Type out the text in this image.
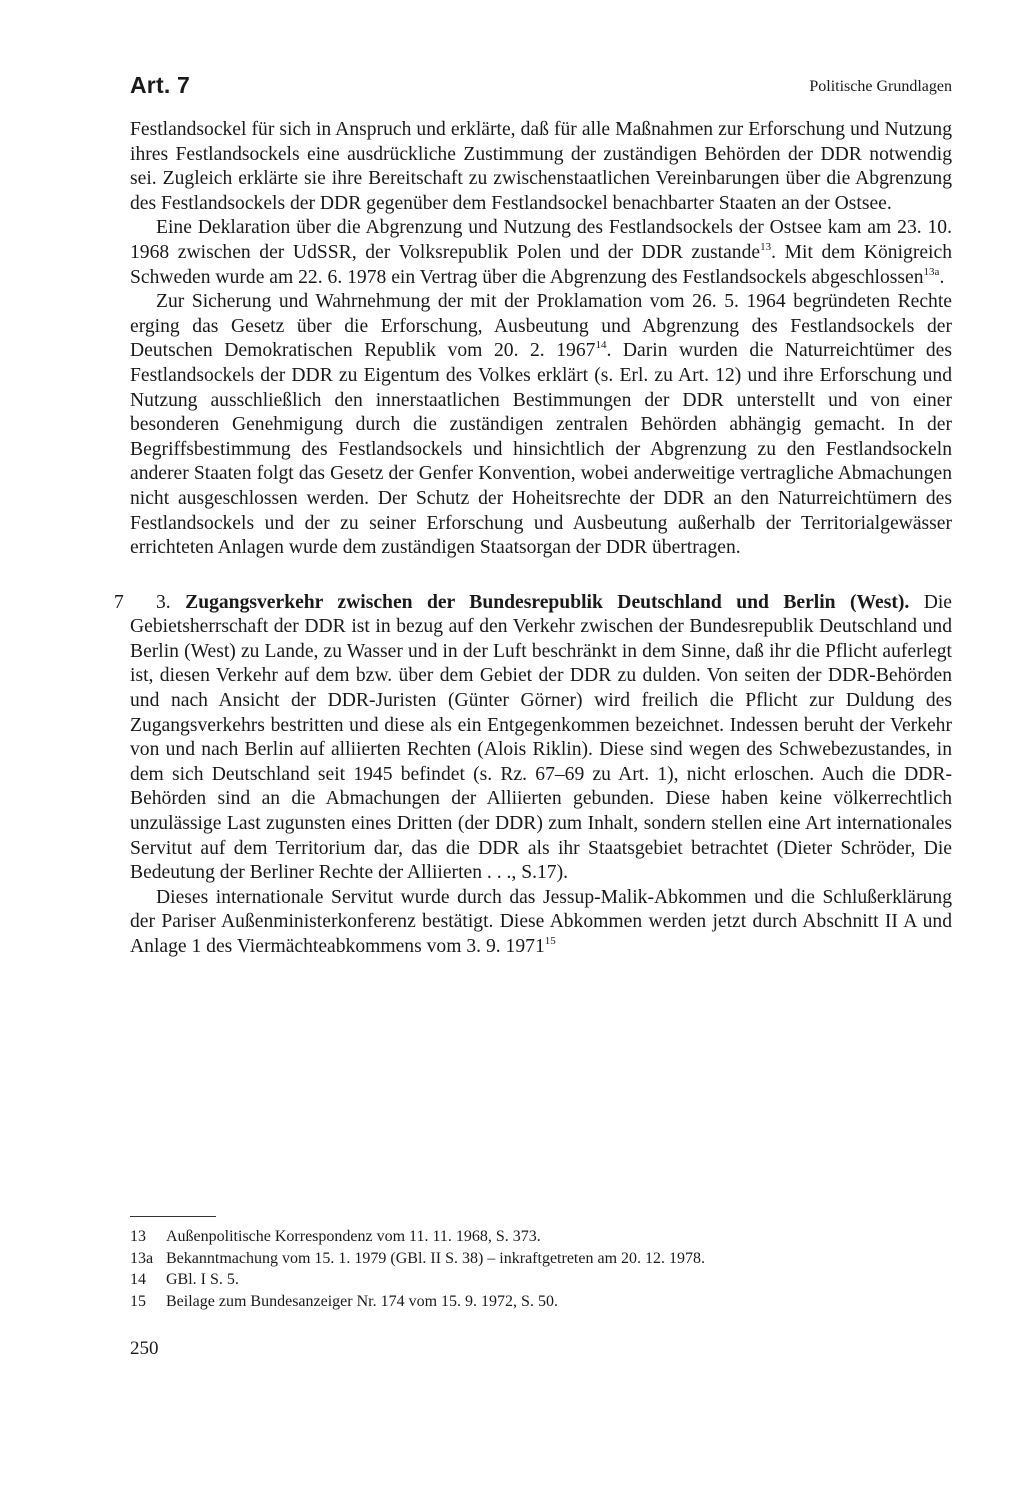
Art. 7	Politische Grundlagen

Festlandsockel für sich in Anspruch und erklärte, daß für alle Maßnahmen zur Erforschung und Nutzung ihres Festlandsockels eine ausdrückliche Zustimmung der zuständigen Behörden der DDR notwendig sei. Zugleich erklärte sie ihre Bereitschaft zu zwischenstaatlichen Vereinbarungen über die Abgrenzung des Festlandsockels der DDR gegenüber dem Festlandsockel benachbarter Staaten an der Ostsee.

Eine Deklaration über die Abgrenzung und Nutzung des Festlandsockels der Ostsee kam am 23. 10. 1968 zwischen der UdSSR, der Volksrepublik Polen und der DDR zustande$^{13}$. Mit dem Königreich Schweden wurde am 22. 6. 1978 ein Vertrag über die Abgrenzung des Festlandsockels abgeschlossen$^{13a}$.

Zur Sicherung und Wahrnehmung der mit der Proklamation vom 26. 5. 1964 begründeten Rechte erging das Gesetz über die Erforschung, Ausbeutung und Abgrenzung des Festlandsockels der Deutschen Demokratischen Republik vom 20. 2. 1967$^{14}$. Darin wurden die Naturreichtümer des Festlandsockels der DDR zu Eigentum des Volkes erklärt (s. Erl. zu Art. 12) und ihre Erforschung und Nutzung ausschließlich den innerstaatlichen Bestimmungen der DDR unterstellt und von einer besonderen Genehmigung durch die zuständigen zentralen Behörden abhängig gemacht. In der Begriffsbestimmung des Festlandsockels und hinsichtlich der Abgrenzung zu den Festlandsockeln anderer Staaten folgt das Gesetz der Genfer Konvention, wobei anderweitige vertragliche Abmachungen nicht ausgeschlossen werden. Der Schutz der Hoheitsrechte der DDR an den Naturreichtümern des Festlandsockels und der zu seiner Erforschung und Ausbeutung außerhalb der Territorialgewässer errichteten Anlagen wurde dem zuständigen Staatsorgan der DDR übertragen.

7 3. Zugangsverkehr zwischen der Bundesrepublik Deutschland und Berlin (West). Die Gebietsherrschaft der DDR ist in bezug auf den Verkehr zwischen der Bundesrepublik Deutschland und Berlin (West) zu Lande, zu Wasser und in der Luft beschränkt in dem Sinne, daß ihr die Pflicht auferlegt ist, diesen Verkehr auf dem bzw. über dem Gebiet der DDR zu dulden. Von seiten der DDR-Behörden und nach Ansicht der DDR-Juristen (Günter Görner) wird freilich die Pflicht zur Duldung des Zugangsverkehrs bestritten und diese als ein Entgegenkommen bezeichnet. Indessen beruht der Verkehr von und nach Berlin auf alliierten Rechten (Alois Riklin). Diese sind wegen des Schwebezustandes, in dem sich Deutschland seit 1945 befindet (s. Rz. 67–69 zu Art. 1), nicht erloschen. Auch die DDR-Behörden sind an die Abmachungen der Alliierten gebunden. Diese haben keine völkerrechtlich unzulässige Last zugunsten eines Dritten (der DDR) zum Inhalt, sondern stellen eine Art internationales Servitut auf dem Territorium dar, das die DDR als ihr Staatsgebiet betrachtet (Dieter Schröder, Die Bedeutung der Berliner Rechte der Alliierten . . ., S.17).

Dieses internationale Servitut wurde durch das Jessup-Malik-Abkommen und die Schlußerklärung der Pariser Außenministerkonferenz bestätigt. Diese Abkommen werden jetzt durch Abschnitt II A und Anlage 1 des Viermächteabkommens vom 3. 9. 1971$^{15}$

13	Außenpolitische Korrespondenz vom 11. 11. 1968, S. 373.
13a Bekanntmachung vom 15. 1. 1979 (GBl. II S. 38) – inkraftgetreten am 20. 12. 1978.
14	GBl. I S. 5.
15	Beilage zum Bundesanzeiger Nr. 174 vom 15. 9. 1972, S. 50.
250
